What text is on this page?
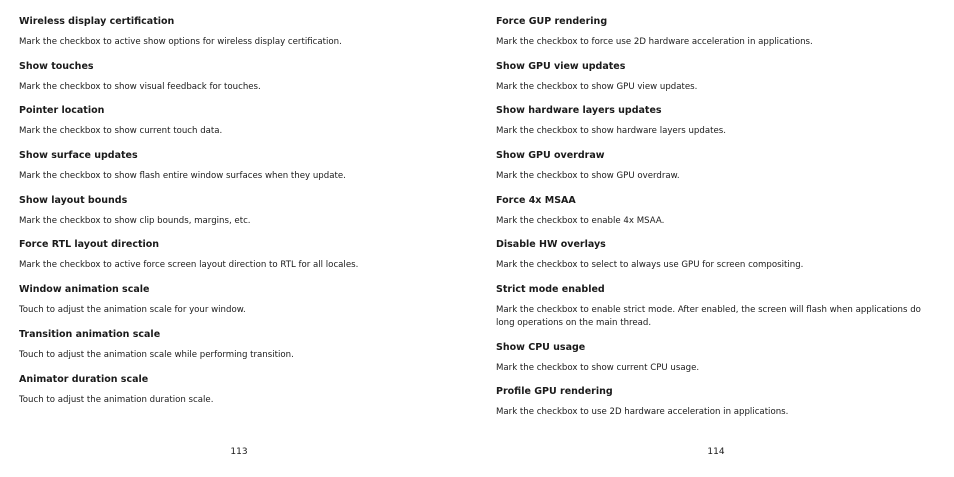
Wireless display certification

Mark the checkbox to active show options for wireless display certification.

Show touches

Mark the checkbox to show visual feedback for touches.

Pointer location

Mark the checkbox to show current touch data.

Show surface updates

Mark the checkbox to show flash entire window surfaces when they update.

Show layout bounds

Mark the checkbox to show clip bounds, margins, etc.

Force RTL layout direction

Mark the checkbox to active force screen layout direction to RTL for all locales.

Window animation scale

Touch to adjust the animation scale for your window.

Transition animation scale

Touch to adjust the animation scale while performing transition.

Animator duration scale

Touch to adjust the animation duration scale.

113

Force GUP rendering

Mark the checkbox to force use 2D hardware acceleration in applications.

Show GPU view updates

Mark the checkbox to show GPU view updates.

Show hardware layers updates

Mark the checkbox to show hardware layers updates.

Show GPU overdraw

Mark the checkbox to show GPU overdraw.

Force 4x MSAA

Mark the checkbox to enable 4x MSAA.

Disable HW overlays

Mark the checkbox to select to always use GPU for screen compositing.

Strict mode enabled

Mark the checkbox to enable strict mode. After enabled, the screen will flash when applications do long operations on the main thread.

Show CPU usage

Mark the checkbox to show current CPU usage.

Profile GPU rendering

Mark the checkbox to use 2D hardware acceleration in applications.

114
